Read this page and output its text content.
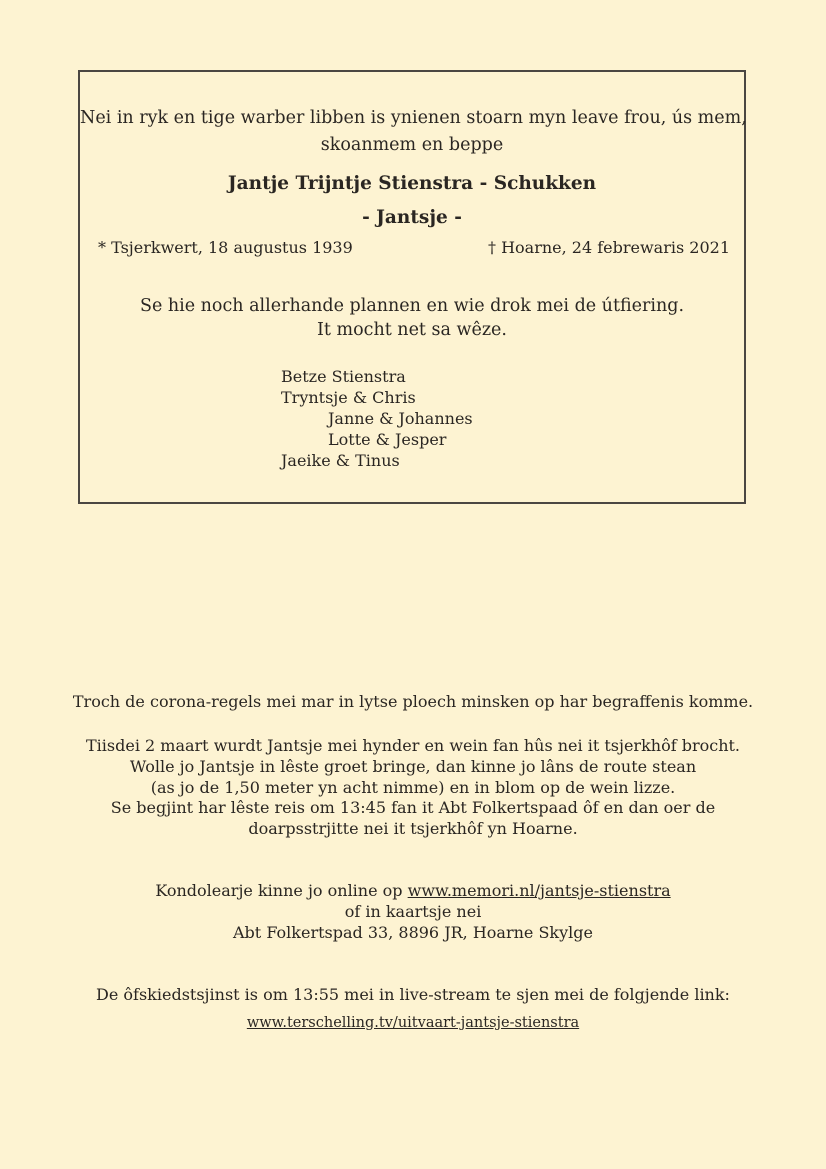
Nei in ryk en tige warber libben is ynienen stoarn myn leave frou, ús mem,
skoanmem en beppe
Jantje Trijntje Stienstra - Schukken
- Jantsje -
* Tsjerkwert, 18 augustus 1939	† Hoarne, 24 febrewaris 2021
Se hie noch allerhande plannen en wie drok mei de útfiering.
It mocht net sa wêze.
Betze Stienstra
Tryntsje & Chris
Janne & Johannes
Lotte & Jesper
Jaeike & Tinus
Troch de corona-regels mei mar in lytse ploech minsken op har begraffenis komme.
Tiisdei 2 maart wurdt Jantsje mei hynder en wein fan hûs nei it tsjerkhôf brocht.
Wolle jo Jantsje in lêste groet bringe, dan kinne jo lâns de route stean
(as jo de 1,50 meter yn acht nimme) en in blom op de wein lizze.
Se begjint har lêste reis om 13:45 fan it Abt Folkertspaad ôf en dan oer de
doarpsstrjitte nei it tsjerkhôf yn Hoarne.
Kondolearje kinne jo online op www.memori.nl/jantsje-stienstra
of in kaartsje nei
Abt Folkertspad 33, 8896 JR, Hoarne Skylge
De ôfskiedstsjinst is om 13:55 mei in live-stream te sjen mei de folgjende link:
www.terschelling.tv/uitvaart-jantsje-stienstra
